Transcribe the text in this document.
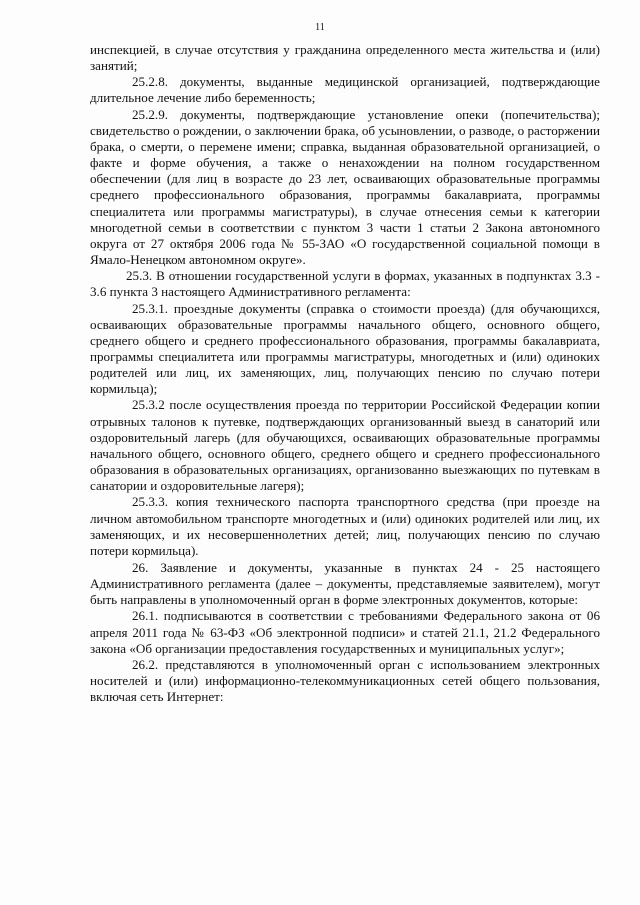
11

инспекцией, в случае отсутствия у гражданина определенного места жительства и (или) занятий;

25.2.8. документы, выданные медицинской организацией, подтверждающие длительное лечение либо беременность;

25.2.9. документы, подтверждающие установление опеки (попечительства); свидетельство о рождении, о заключении брака, об усыновлении, о разводе, о расторжении брака, о смерти, о перемене имени; справка, выданная образовательной организацией, о факте и форме обучения, а также о ненахождении на полном государственном обеспечении (для лиц в возрасте до 23 лет, осваивающих образовательные программы среднего профессионального образования, программы бакалавриата, программы специалитета или программы магистратуры), в случае отнесения семьи к категории многодетной семьи в соответствии с пунктом 3 части 1 статьи 2 Закона автономного округа от 27 октября 2006 года № 55-ЗАО «О государственной социальной помощи в Ямало-Ненецком автономном округе».

25.3. В отношении государственной услуги в формах, указанных в подпунктах 3.3 - 3.6 пункта 3 настоящего Административного регламента:

25.3.1. проездные документы (справка о стоимости проезда) (для обучающихся, осваивающих образовательные программы начального общего, основного общего, среднего общего и среднего профессионального образования, программы бакалавриата, программы специалитета или программы магистратуры, многодетных и (или) одиноких родителей или лиц, их заменяющих, лиц, получающих пенсию по случаю потери кормильца);

25.3.2 после осуществления проезда по территории Российской Федерации копии отрывных талонов к путевке, подтверждающих организованный выезд в санаторий или оздоровительный лагерь (для обучающихся, осваивающих образовательные программы начального общего, основного общего, среднего общего и среднего профессионального образования в образовательных организациях, организованно выезжающих по путевкам в санатории и оздоровительные лагеря);

25.3.3. копия технического паспорта транспортного средства (при проезде на личном автомобильном транспорте многодетных и (или) одиноких родителей или лиц, их заменяющих, и их несовершеннолетних детей; лиц, получающих пенсию по случаю потери кормильца).

26. Заявление и документы, указанные в пунктах 24 - 25 настоящего Административного регламента (далее – документы, представляемые заявителем), могут быть направлены в уполномоченный орган в форме электронных документов, которые:

26.1. подписываются в соответствии с требованиями Федерального закона от 06 апреля 2011 года № 63-ФЗ «Об электронной подписи» и статей 21.1, 21.2 Федерального закона «Об организации предоставления государственных и муниципальных услуг»;

26.2. представляются в уполномоченный орган с использованием электронных носителей и (или) информационно-телекоммуникационных сетей общего пользования, включая сеть Интернет:
